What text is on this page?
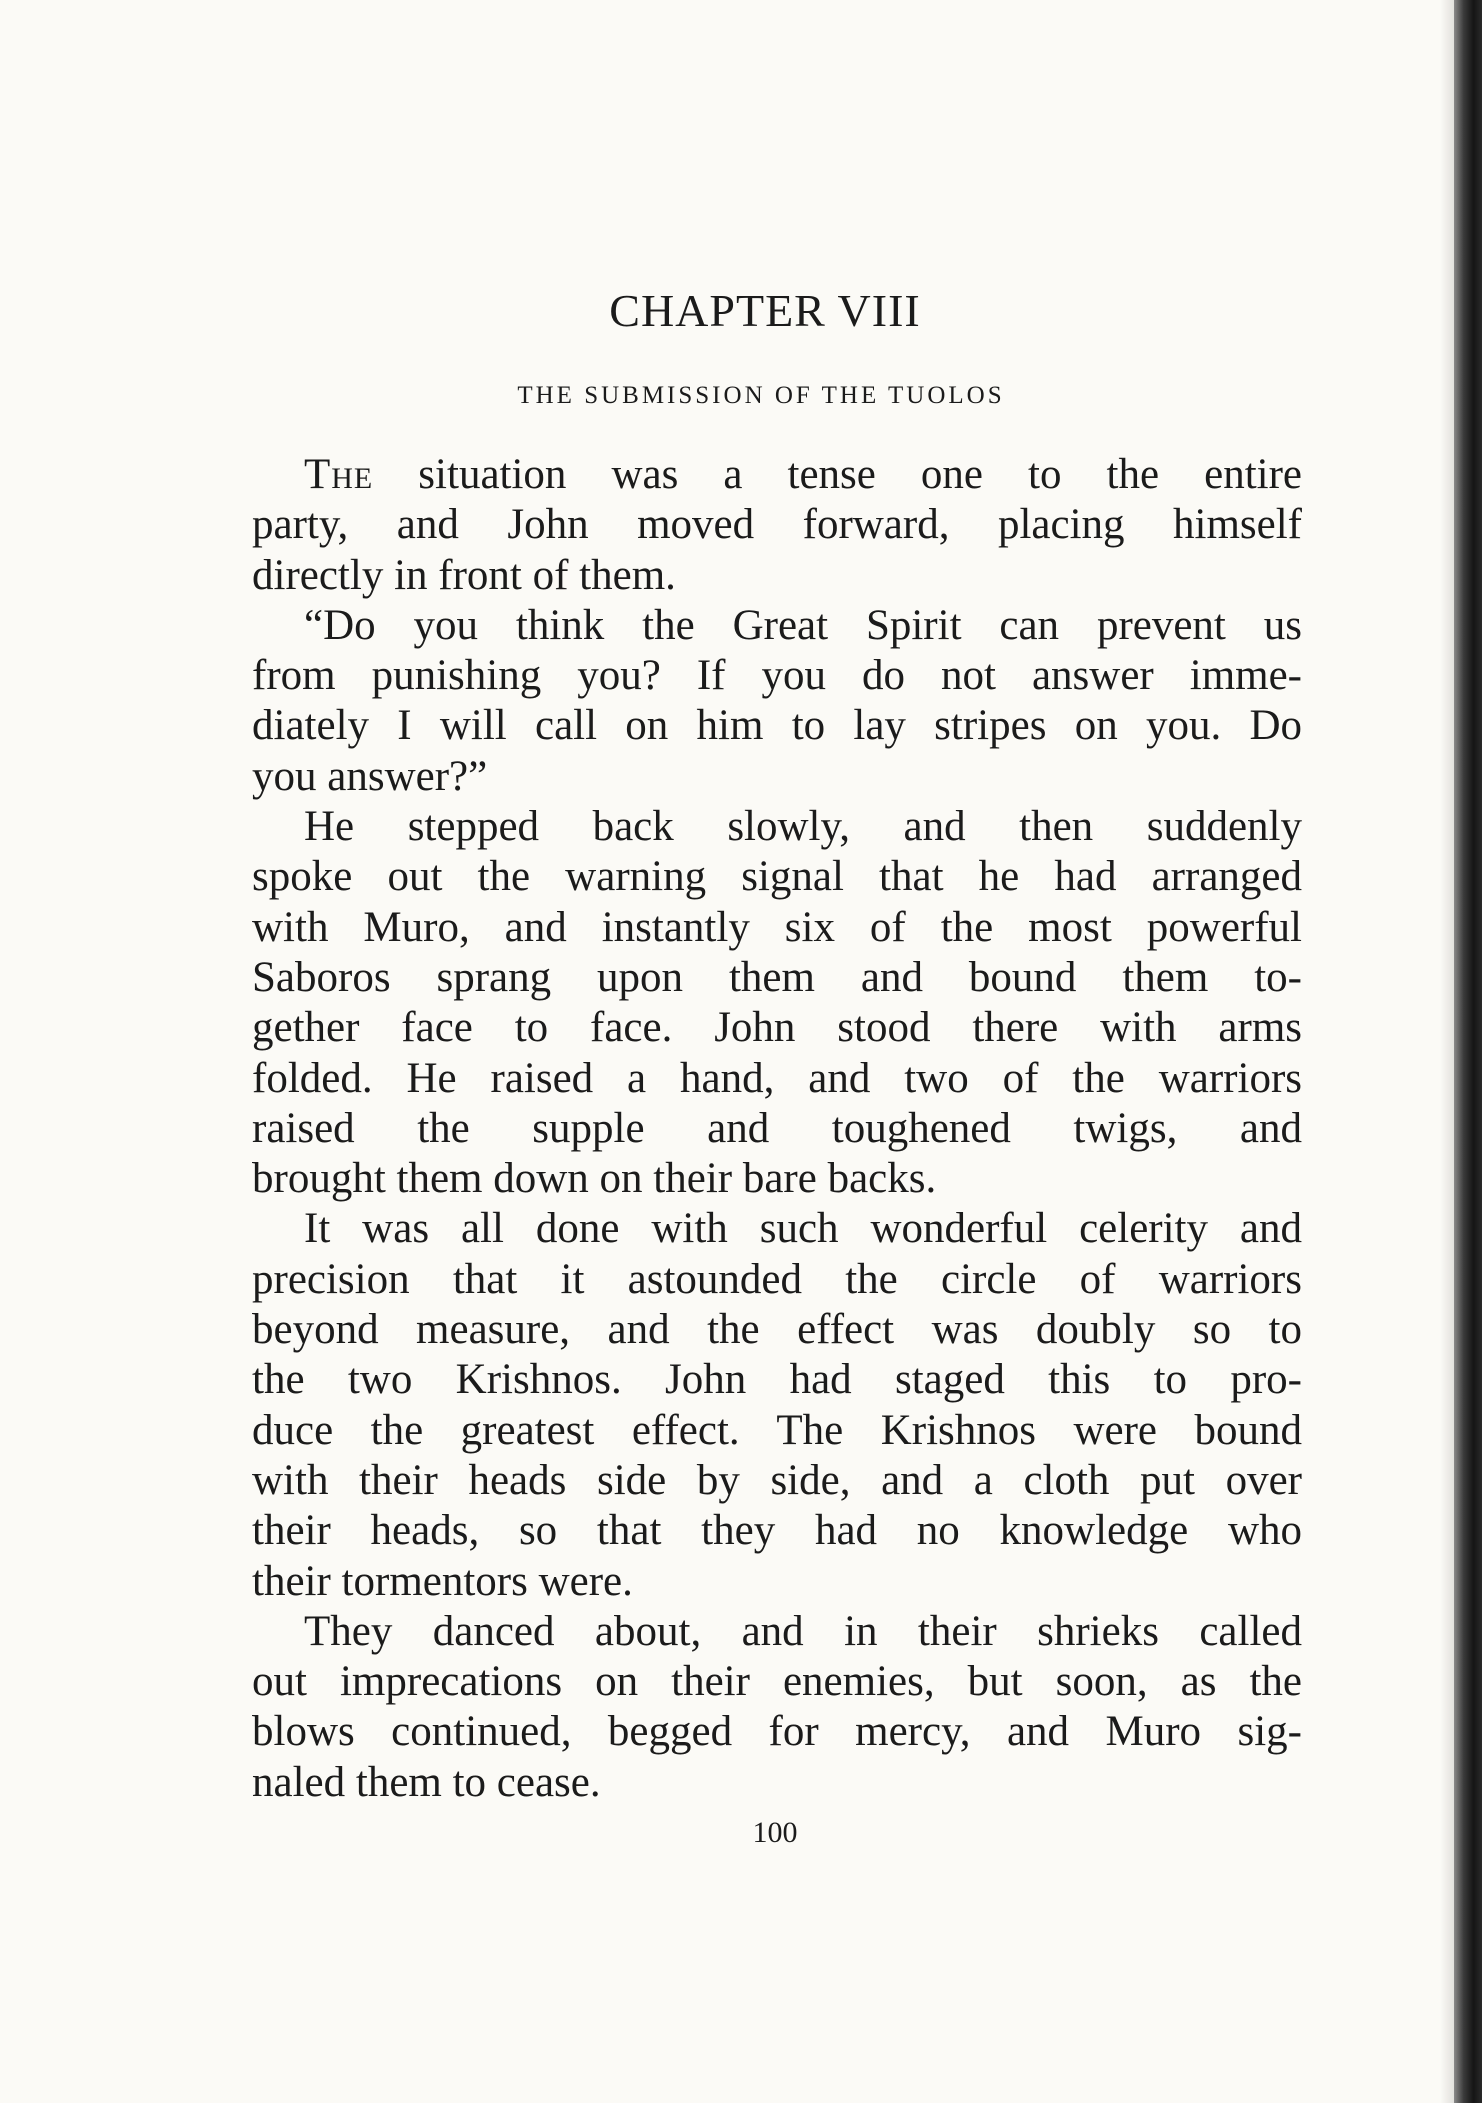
CHAPTER VIII
THE SUBMISSION OF THE TUOLOS

The situation was a tense one to the entire
party, and John moved forward, placing himself
directly in front of them.

“Do you think the Great Spirit can prevent us
from punishing you? If you do not answer imme-
diately I will call on him to lay stripes on you. Do
you answer?”

He stepped back slowly, and then suddenly
spoke out the warning signal that he had arranged
with Muro, and instantly six of the most powerful
Saboros sprang upon them and bound them to-
gether face to face. John stood there with arms
folded. He raised a hand, and two of the warriors
raised the supple and toughened twigs, and
brought them down on their bare backs.

It was all done with such wonderful celerity and
precision that it astounded the circle of warriors
beyond measure, and the effect was doubly so to
the two Krishnos. John had staged this to pro-
duce the greatest effect. The Krishnos were bound
with their heads side by side, and a cloth put over
their heads, so that they had no knowledge who
their tormentors were.

They danced about, and in their shrieks called
out imprecations on their enemies, but soon, as the
blows continued, begged for mercy, and Muro sig-
naled them to cease.

100
